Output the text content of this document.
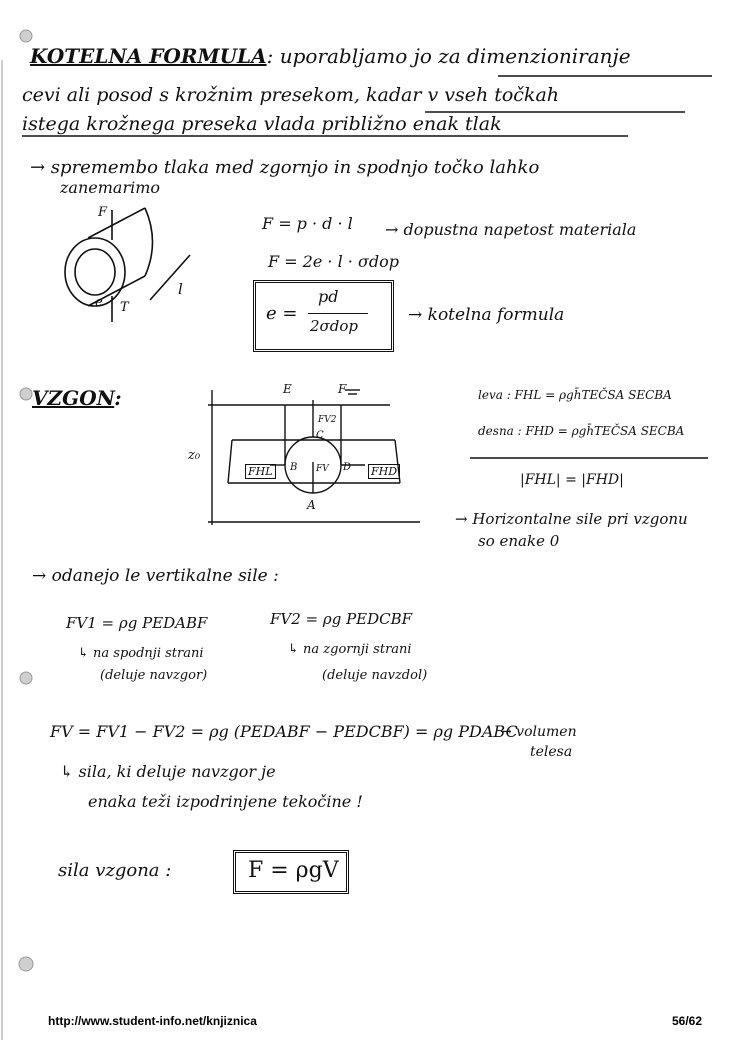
KOTELNA FORMULA: uporabljamo jo za dimenzioniranje
cevi ali posod s krožnim presekom, kadar v vseh točkah
istega krožnega preseka vlada približno enak tlak
→ spremembo tlaka med zgornjo in spodnjo točko lahko
zanemarimo
F
e T
l
F = p · d · l → dopustna napetost materiala
F = 2e · l · σdop
e =
pd
2σdop
→ kotelna formula
VZGON:	E	F
z₀
FV2
C
B	D
FV
FHL	FHD
A
leva : FHL = ρgh̄TEČSA SECBA
desna : FHD = ρgh̄TEČSA SECBA
|FHL| = |FHD|
→ Horizontalne sile pri vzgonu
so enake 0
→ odanejo le vertikalne sile :
FV1 = ρg PEDABF	FV2 = ρg PEDCBF
↳ na spodnji strani
(deluje navzgor)
↳ na zgornji strani
(deluje navzdol)
FV = FV1 − FV2 = ρg (PEDABF − PEDCBF) = ρg PDABC
→ volumen
telesa
↳ sila, ki deluje navzgor je
enaka teži izpodrinjene tekočine !
sila vzgona :	F = ρgV
http://www.student-info.net/knjiznica	56/62
